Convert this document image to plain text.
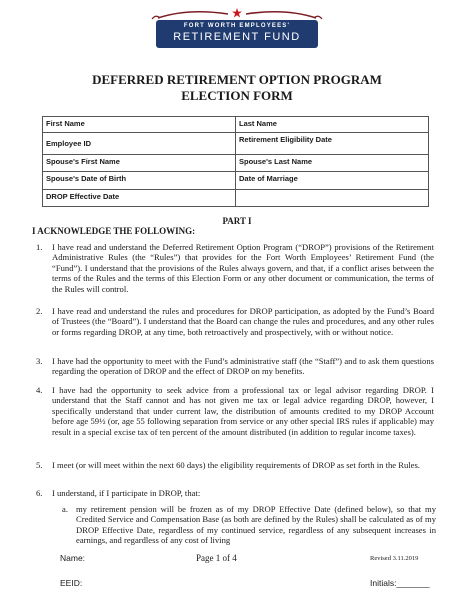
FORT WORTH EMPLOYEES'
RETIREMENT FUND
DEFERRED RETIREMENT OPTION PROGRAM
ELECTION FORM
First Name	Last Name
Employee ID	Retirement Eligibility Date
Spouse's First Name	Spouse's Last Name
Spouse's Date of Birth	Date of Marriage
DROP Effective Date	
PART I
I ACKNOWLEDGE THE FOLLOWING:
1. I have read and understand the Deferred Retirement Option Program (“DROP”) provisions of the Retirement Administrative Rules (the “Rules”) that provides for the Fort Worth Employees’ Retirement Fund (the “Fund”). I understand that the provisions of the Rules always govern, and that, if a conflict arises between the terms of the Rules and the terms of this Election Form or any other document or communication, the terms of the Rules will control.
2. I have read and understand the rules and procedures for DROP participation, as adopted by the Fund’s Board of Trustees (the “Board”). I understand that the Board can change the rules and procedures, and any other rules or forms regarding DROP, at any time, both retroactively and prospectively, with or without notice.
3. I have had the opportunity to meet with the Fund’s administrative staff (the “Staff”) and to ask them questions regarding the operation of DROP and the effect of DROP on my benefits.
4. I have had the opportunity to seek advice from a professional tax or legal advisor regarding DROP. I understand that the Staff cannot and has not given me tax or legal advice regarding DROP, however, I specifically understand that under current law, the distribution of amounts credited to my DROP Account before age 59½ (or, age 55 following separation from service or any other special IRS rules if applicable) may result in a special excise tax of ten percent of the amount distributed (in addition to regular income taxes).
5. I meet (or will meet within the next 60 days) the eligibility requirements of DROP as set forth in the Rules.
6. I understand, if I participate in DROP, that:
a. my retirement pension will be frozen as of my DROP Effective Date (defined below), so that my Credited Service and Compensation Base (as both are defined by the Rules) shall be calculated as of my DROP Effective Date, regardless of my continued service, regardless of any subsequent increases in earnings, and regardless of any cost of living
Name:	Page 1 of 4	Revised 3.11.2019
EEID:	Initials:_______
